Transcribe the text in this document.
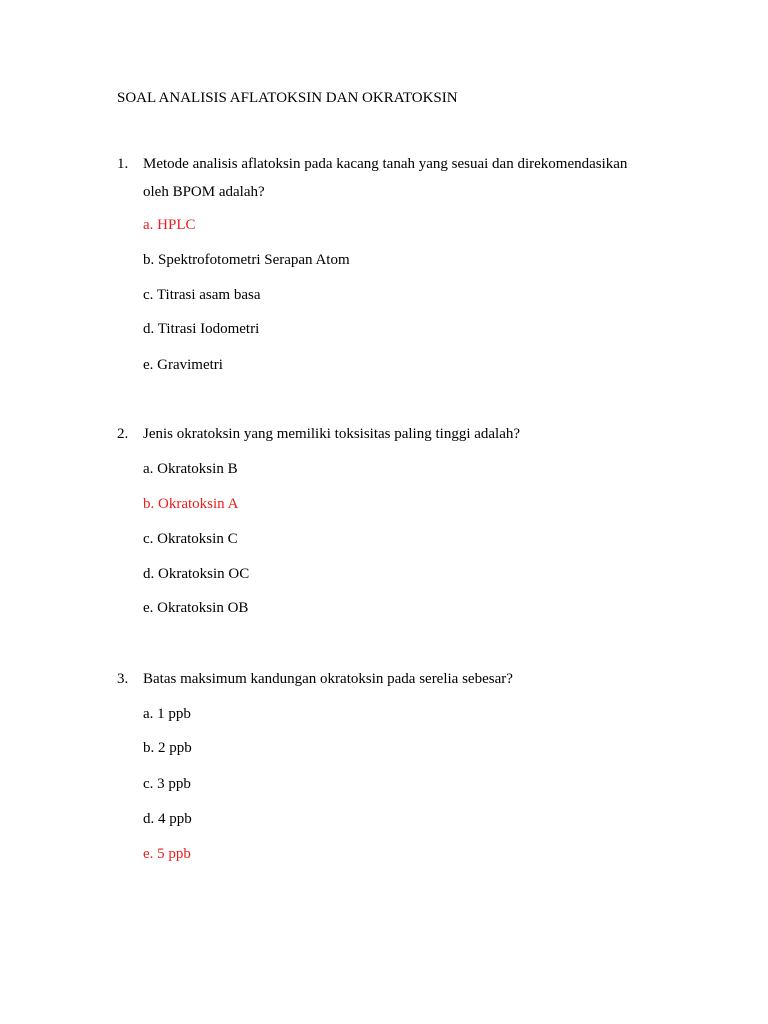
SOAL ANALISIS AFLATOKSIN DAN OKRATOKSIN
1. Metode analisis aflatoksin pada kacang tanah yang sesuai dan direkomendasikan
oleh BPOM adalah?
a. HPLC
b. Spektrofotometri Serapan Atom
c. Titrasi asam basa
d. Titrasi Iodometri
e. Gravimetri
2. Jenis okratoksin yang memiliki toksisitas paling tinggi adalah?
a. Okratoksin B
b. Okratoksin A
c. Okratoksin C
d. Okratoksin OC
e. Okratoksin OB
3. Batas maksimum kandungan okratoksin pada serelia sebesar?
a. 1 ppb
b. 2 ppb
c. 3 ppb
d. 4 ppb
e. 5 ppb
